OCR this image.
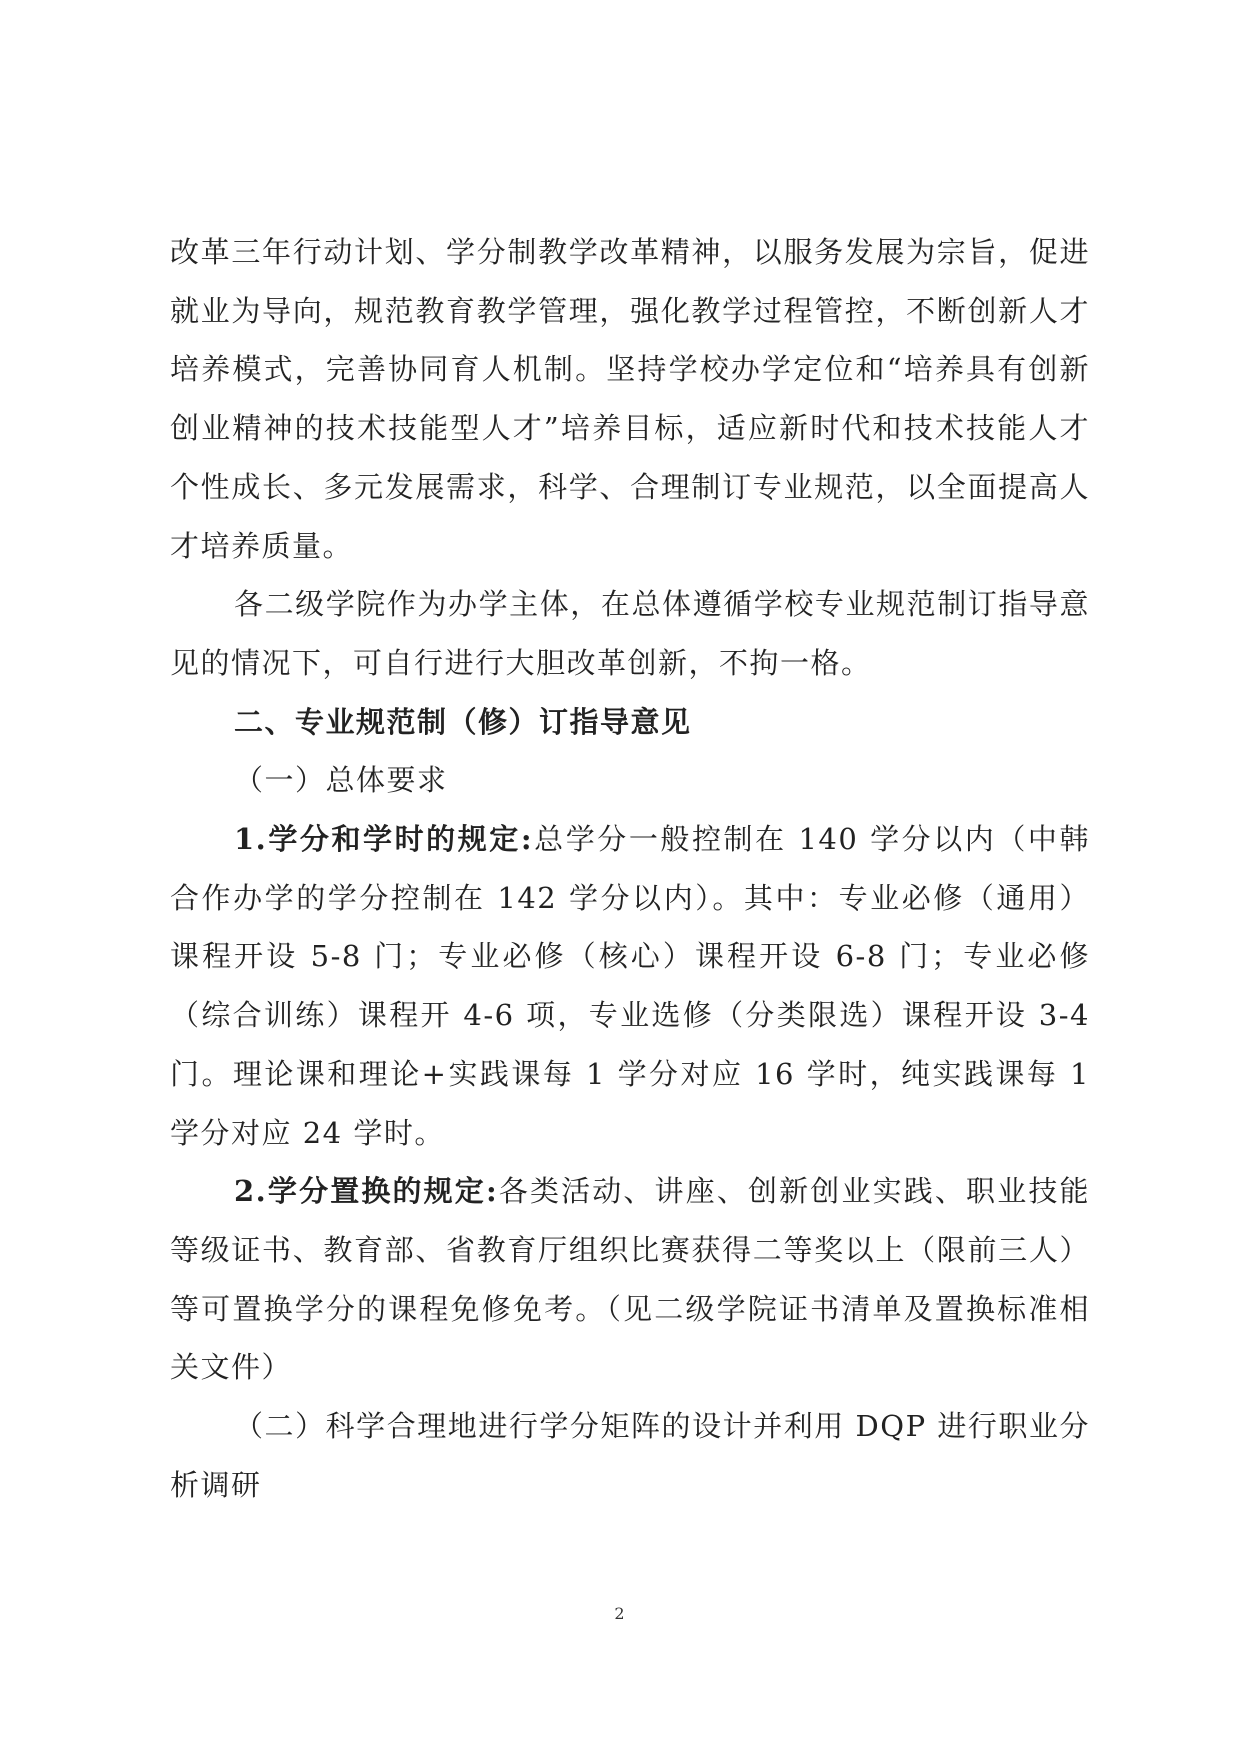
改革三年行动计划、学分制教学改革精神，以服务发展为宗旨，促进就业为导向，规范教育教学管理，强化教学过程管控，不断创新人才培养模式，完善协同育人机制。坚持学校办学定位和“培养具有创新创业精神的技术技能型人才”培养目标，适应新时代和技术技能人才个性成长、多元发展需求，科学、合理制订专业规范，以全面提高人才培养质量。

各二级学院作为办学主体，在总体遵循学校专业规范制订指导意见的情况下，可自行进行大胆改革创新，不拘一格。

二、专业规范制（修）订指导意见

（一）总体要求

1.学分和学时的规定:总学分一般控制在 140 学分以内（中韩合作办学的学分控制在 142 学分以内）。其中：专业必修（通用）课程开设 5-8 门；专业必修（核心）课程开设 6-8 门；专业必修（综合训练）课程开 4-6 项，专业选修（分类限选）课程开设 3-4 门。理论课和理论+实践课每 1 学分对应 16 学时，纯实践课每 1 学分对应 24 学时。

2.学分置换的规定:各类活动、讲座、创新创业实践、职业技能等级证书、教育部、省教育厅组织比赛获得二等奖以上（限前三人）等可置换学分的课程免修免考。（见二级学院证书清单及置换标准相关文件）

（二）科学合理地进行学分矩阵的设计并利用 DQP 进行职业分析调研

2
